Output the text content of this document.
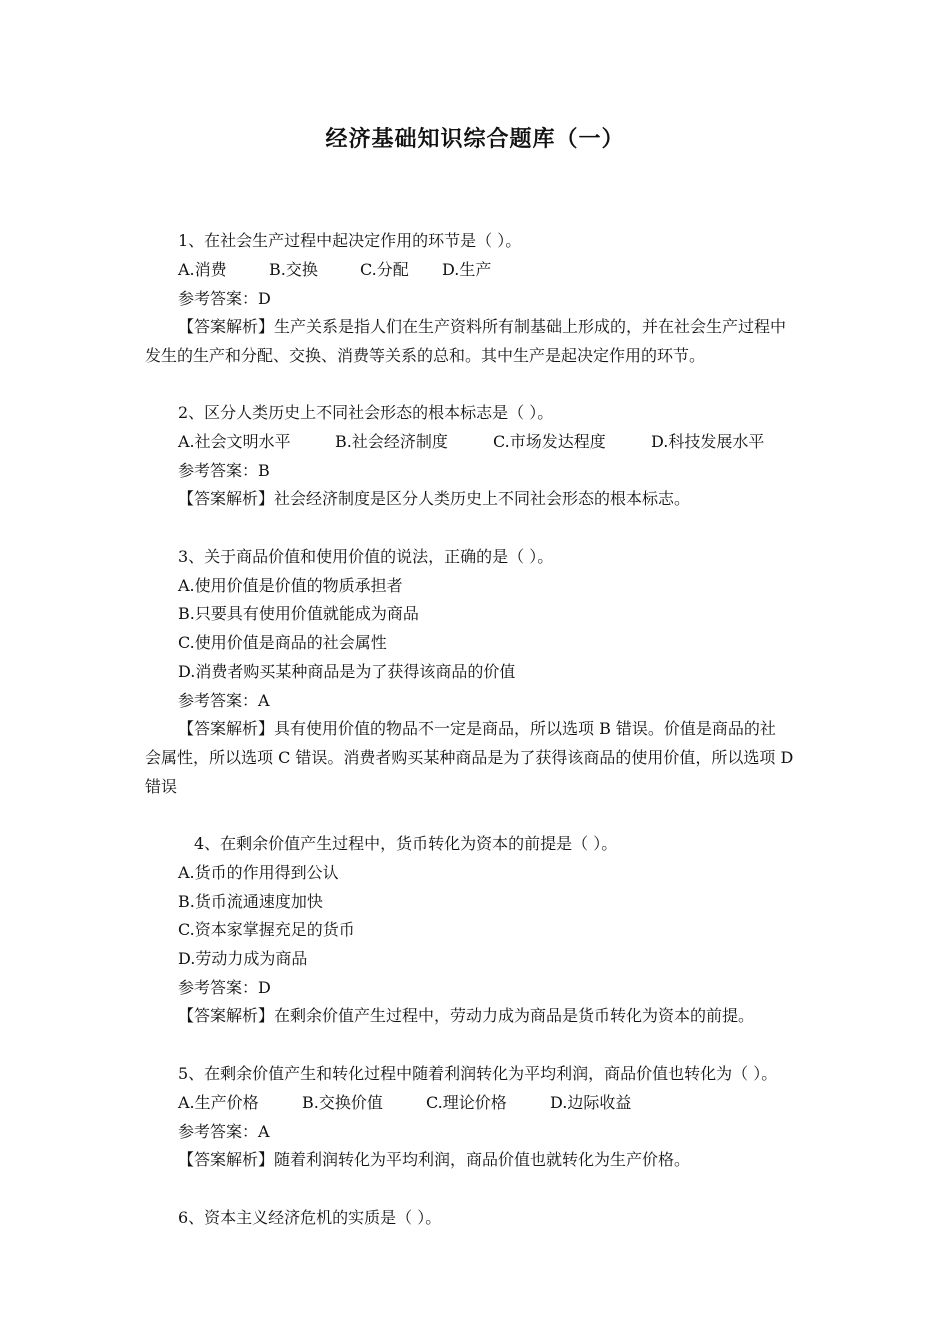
经济基础知识综合题库（一）
1、在社会生产过程中起决定作用的环节是（ ）。
A.消费	B.交换	C.分配 D.生产
参考答案：D
【答案解析】生产关系是指人们在生产资料所有制基础上形成的，并在社会生产过程中
发生的生产和分配、交换、消费等关系的总和。其中生产是起决定作用的环节。
2、区分人类历史上不同社会形态的根本标志是（ ）。
A.社会文明水平	B.社会经济制度	C.市场发达程度	D.科技发展水平
参考答案：B
【答案解析】社会经济制度是区分人类历史上不同社会形态的根本标志。
3、关于商品价值和使用价值的说法，正确的是（ ）。
A.使用价值是价值的物质承担者
B.只要具有使用价值就能成为商品
C.使用价值是商品的社会属性
D.消费者购买某种商品是为了获得该商品的价值
参考答案：A
【答案解析】具有使用价值的物品不一定是商品，所以选项 B 错误。价值是商品的社
会属性，所以选项 C 错误。消费者购买某种商品是为了获得该商品的使用价值，所以选项 D
错误
4、在剩余价值产生过程中，货币转化为资本的前提是（ ）。
A.货币的作用得到公认
B.货币流通速度加快
C.资本家掌握充足的货币
D.劳动力成为商品
参考答案：D
【答案解析】在剩余价值产生过程中，劳动力成为商品是货币转化为资本的前提。
5、在剩余价值产生和转化过程中随着利润转化为平均利润，商品价值也转化为（ ）。
A.生产价格	B.交换价值	C.理论价格	D.边际收益
参考答案：A
【答案解析】随着利润转化为平均利润，商品价值也就转化为生产价格。
6、资本主义经济危机的实质是（ ）。
